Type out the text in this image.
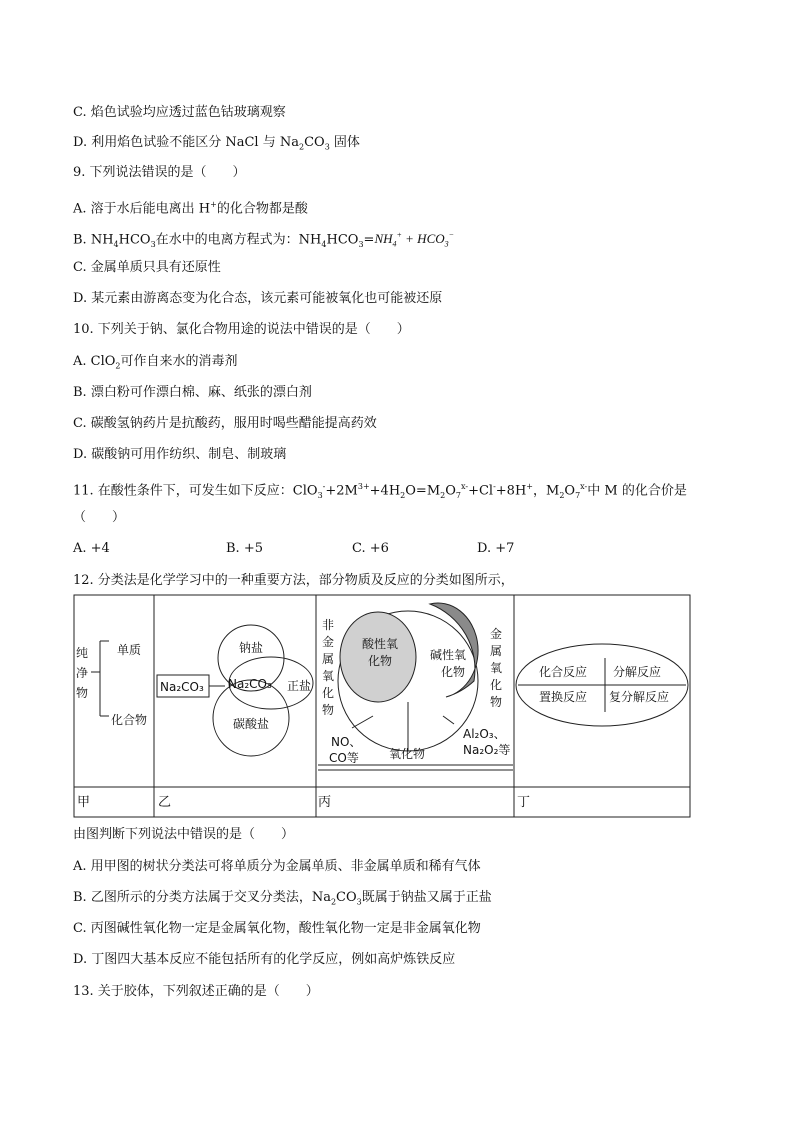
C. 焰色试验均应透过蓝色钴玻璃观察
D. 利用焰色试验不能区分 NaCl 与 $Na_2CO_3$ 固体
9. 下列说法错误的是（　　）
A. 溶于水后能电离出 H+的化合物都是酸
B. $NH_4HCO_3$在水中的电离方程式为：$NH_4HCO_3=NH_4^+ + HCO_3^-$
C. 金属单质只具有还原性
D. 某元素由游离态变为化合态，该元素可能被氧化也可能被还原
10. 下列关于钠、氯化合物用途的说法中错误的是（　　）
A. ClO$_2$可作自来水的消毒剂
B. 漂白粉可作漂白棉、麻、纸张的漂白剂
C. 碳酸氢钠药片是抗酸药，服用时喝些醋能提高药效
D. 碳酸钠可用作纺织、制皂、制玻璃
11. 在酸性条件下，可发生如下反应：$ClO_3^-+2M^{3+}+4H_2O=M_2O_7^{x-}+Cl^-+8H^+$，$M_2O_7^{x-}$中 M 的化合价是
（　　）
A. +4	B. +5	C. +6	D. +7
12. 分类法是化学学习中的一种重要方法，部分物质及反应的分类如图所示，
纯
净
物
单质
化合物
甲
Na₂CO₃ Na₂CO₃
钠盐
正盐
碳酸盐
乙
非
金
属
氧
化
物
金
属
氧
化
物
酸性氧
化物	碱性氧
化物
NO、
CO等
Al₂O₃、
Na₂O₂等
氧化物
丙
化合反应 分解反应
置换反应 复分解反应
丁
由图判断下列说法中错误的是（　　）
A. 用甲图的树状分类法可将单质分为金属单质、非金属单质和稀有气体
B. 乙图所示的分类方法属于交叉分类法，$Na_2CO_3$既属于钠盐又属于正盐
C. 丙图碱性氧化物一定是金属氧化物，酸性氧化物一定是非金属氧化物
D. 丁图四大基本反应不能包括所有的化学反应，例如高炉炼铁反应
13. 关于胶体，下列叙述正确的是（　　）
